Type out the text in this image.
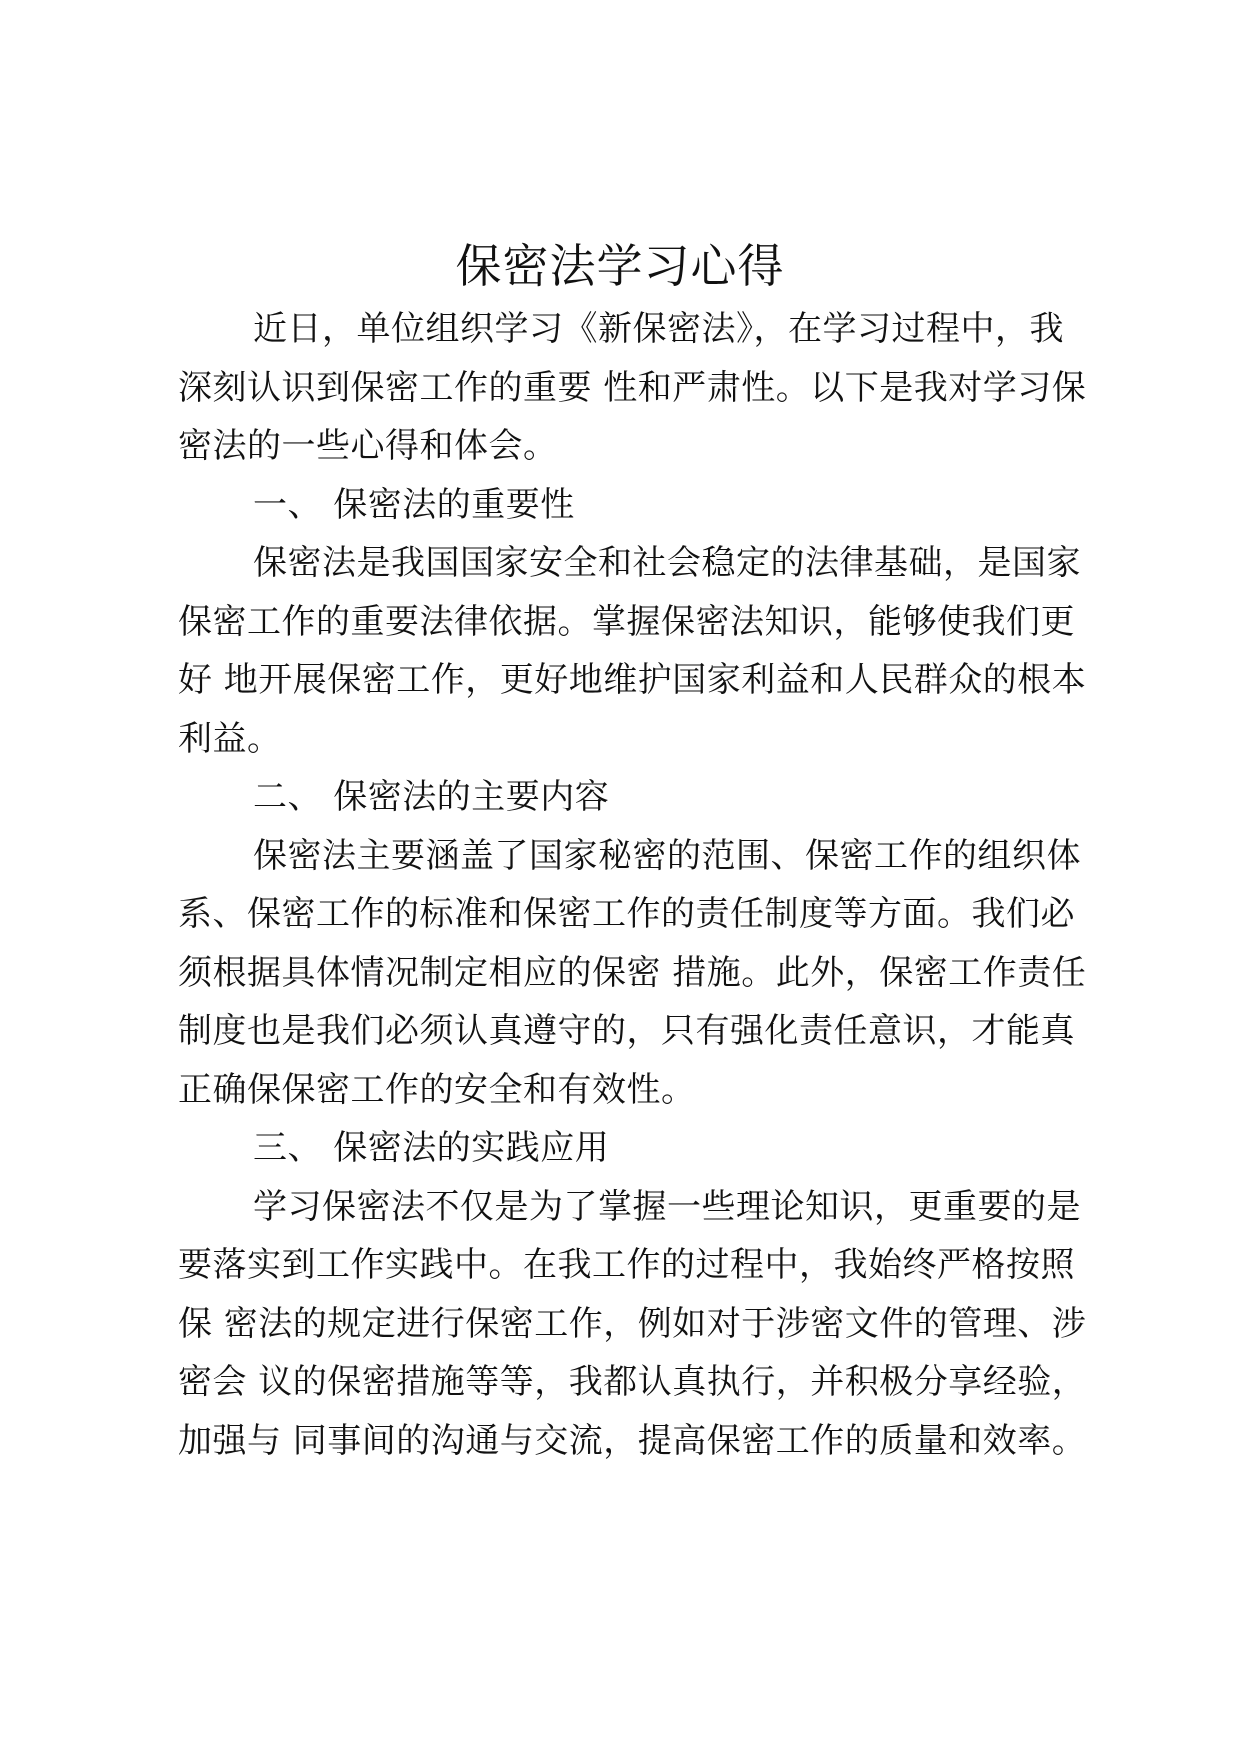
保密法学习心得
近日，单位组织学习《新保密法》，在学习过程中，我
深刻认识到保密工作的重要 性和严肃性。以下是我对学习保
密法的一些心得和体会。
一、 保密法的重要性
保密法是我国国家安全和社会稳定的法律基础，是国家
保密工作的重要法律依据。掌握保密法知识，能够使我们更
好 地开展保密工作，更好地维护国家利益和人民群众的根本
利益。
二、 保密法的主要内容
保密法主要涵盖了国家秘密的范围、保密工作的组织体
系、保密工作的标准和保密工作的责任制度等方面。我们必
须根据具体情况制定相应的保密 措施。此外，保密工作责任
制度也是我们必须认真遵守的，只有强化责任意识，才能真
正确保保密工作的安全和有效性。
三、 保密法的实践应用
学习保密法不仅是为了掌握一些理论知识，更重要的是
要落实到工作实践中。在我工作的过程中，我始终严格按照
保 密法的规定进行保密工作，例如对于涉密文件的管理、涉
密会 议的保密措施等等，我都认真执行，并积极分享经验，
加强与 同事间的沟通与交流，提高保密工作的质量和效率。
